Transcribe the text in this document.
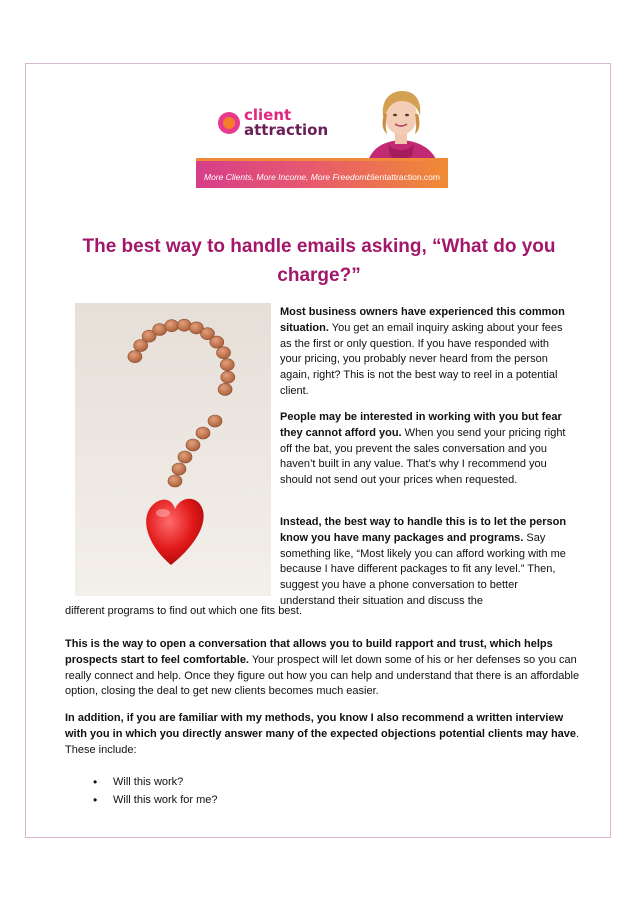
client
attraction
More Clients, More Income, More Freedom!
clientattraction.com
The best way to handle emails asking, “What do you charge?”

Most business owners have experienced this common situation. You get an email inquiry asking about your fees as the first or only question. If you have responded with your pricing, you probably never heard from the person again, right? This is not the best way to reel in a potential client.

People may be interested in working with you but fear they cannot afford you. When you send your pricing right off the bat, you prevent the sales conversation and you haven’t built in any value. That’s why I recommend you should not send out your prices when requested.

Instead, the best way to handle this is to let the person know you have many packages and programs. Say something like, “Most likely you can afford working with me because I have different packages to fit any level.” Then, suggest you have a phone conversation to better understand their situation and discuss the

different programs to find out which one fits best.

This is the way to open a conversation that allows you to build rapport and trust, which helps prospects start to feel comfortable. Your prospect will let down some of his or her defenses so you can really connect and help. Once they figure out how you can help and understand that there is an affordable option, closing the deal to get new clients becomes much easier.

In addition, if you are familiar with my methods, you know I also recommend a written interview with you in which you directly answer many of the expected objections potential clients may have. These include:

• Will this work?
• Will this work for me?
